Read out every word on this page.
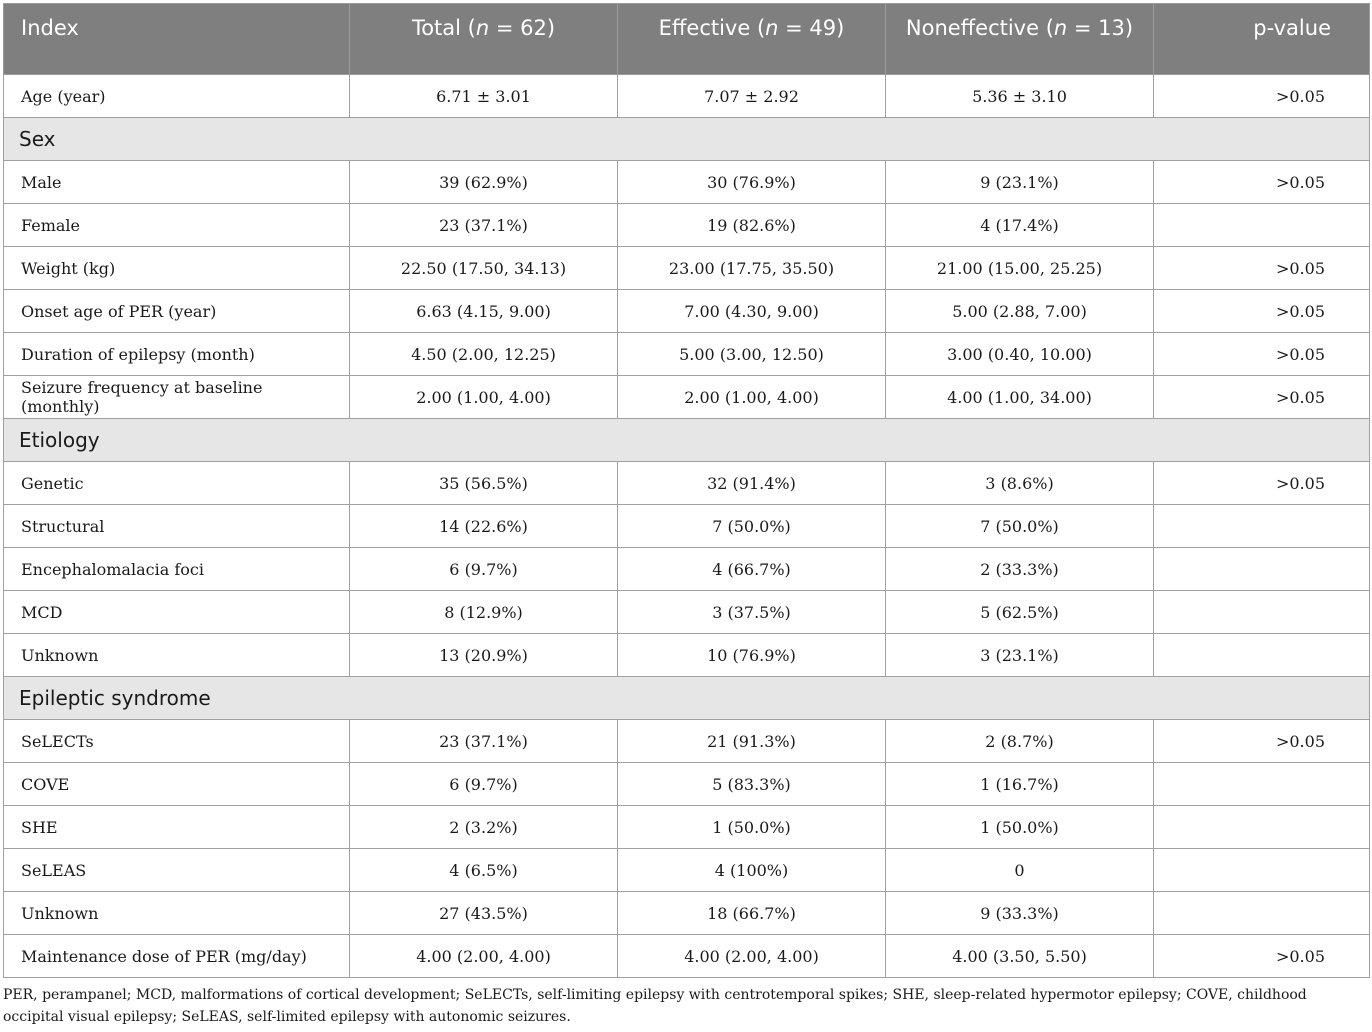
Index	Total (n = 62)	Effective (n = 49)	Noneffective (n = 13)	p-value

Age (year)	6.71 ± 3.01	7.07 ± 2.92	5.36 ± 3.10	>0.05
Sex				
Male	39 (62.9%)	30 (76.9%)	9 (23.1%)	>0.05
Female	23 (37.1%)	19 (82.6%)	4 (17.4%)	
Weight (kg)	22.50 (17.50, 34.13)	23.00 (17.75, 35.50)	21.00 (15.00, 25.25)	>0.05
Onset age of PER (year)	6.63 (4.15, 9.00)	7.00 (4.30, 9.00)	5.00 (2.88, 7.00)	>0.05
Duration of epilepsy (month)	4.50 (2.00, 12.25)	5.00 (3.00, 12.50)	3.00 (0.40, 10.00)	>0.05
Seizure frequency at baseline (monthly)	2.00 (1.00, 4.00)	2.00 (1.00, 4.00)	4.00 (1.00, 34.00)	>0.05
Etiology				
Genetic	35 (56.5%)	32 (91.4%)	3 (8.6%)	>0.05
Structural	14 (22.6%)	7 (50.0%)	7 (50.0%)	
Encephalomalacia foci	6 (9.7%)	4 (66.7%)	2 (33.3%)	
MCD	8 (12.9%)	3 (37.5%)	5 (62.5%)	
Unknown	13 (20.9%)	10 (76.9%)	3 (23.1%)	
Epileptic syndrome				
SeLECTs	23 (37.1%)	21 (91.3%)	2 (8.7%)	>0.05
COVE	6 (9.7%)	5 (83.3%)	1 (16.7%)	
SHE	2 (3.2%)	1 (50.0%)	1 (50.0%)	
SeLEAS	4 (6.5%)	4 (100%)	0	
Unknown	27 (43.5%)	18 (66.7%)	9 (33.3%)	
Maintenance dose of PER (mg/day)	4.00 (2.00, 4.00)	4.00 (2.00, 4.00)	4.00 (3.50, 5.50)	>0.05

PER, perampanel; MCD, malformations of cortical development; SeLECTs, self-limiting epilepsy with centrotemporal spikes; SHE, sleep-related hypermotor epilepsy; COVE, childhood occipital visual epilepsy; SeLEAS, self-limited epilepsy with autonomic seizures.
